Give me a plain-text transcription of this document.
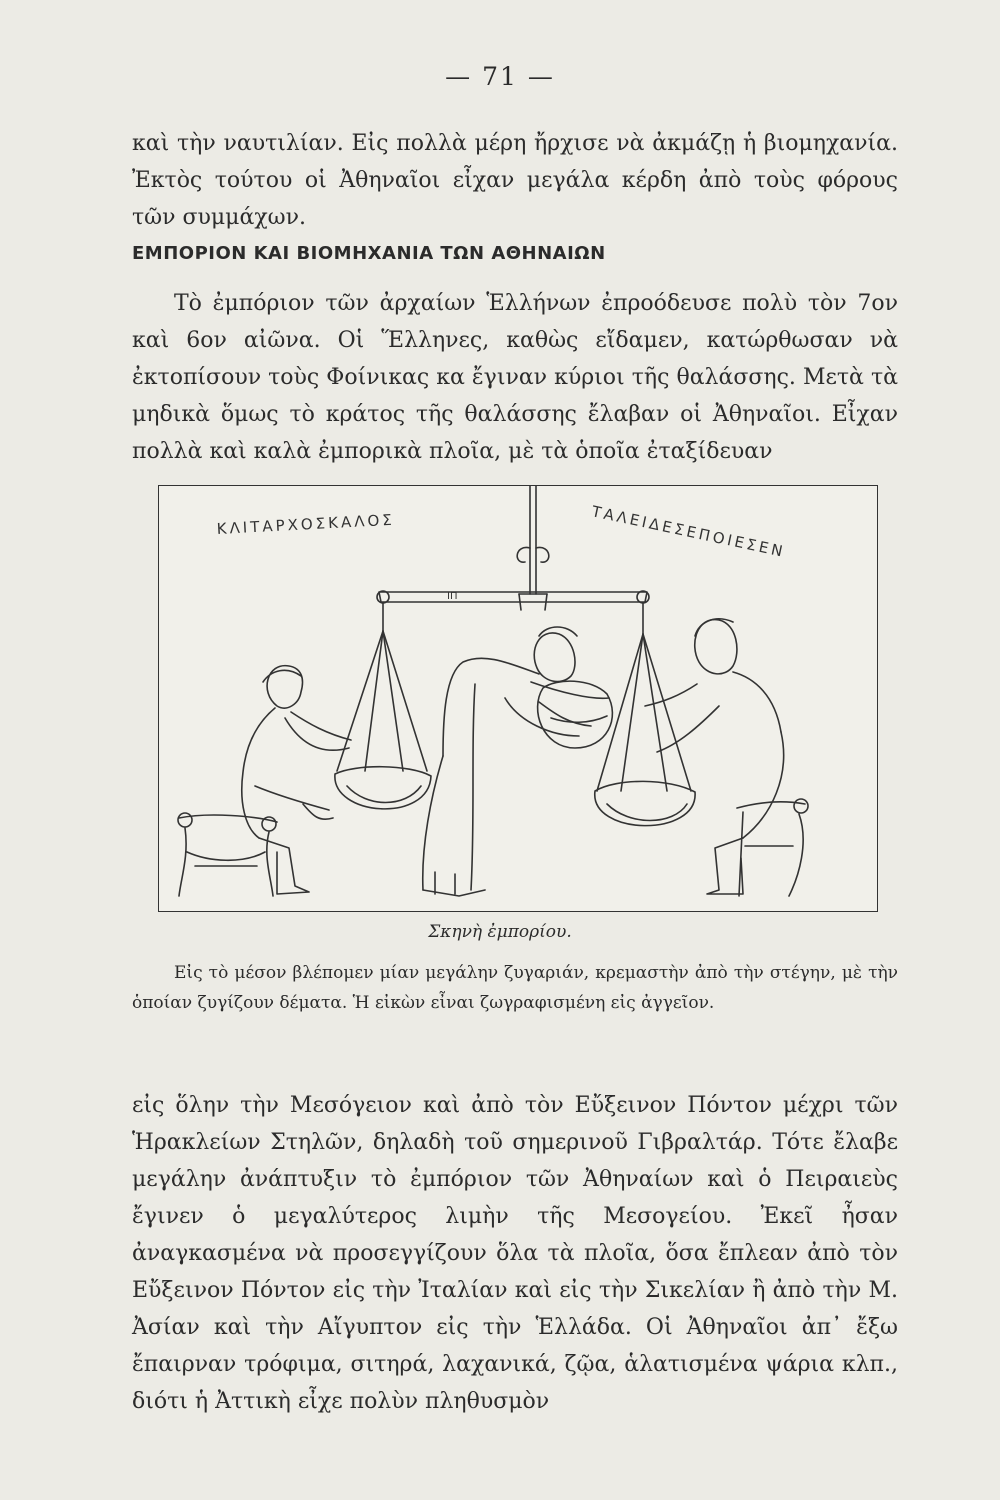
— 71 —

καὶ τὴν ναυτιλίαν. Εἰς πολλὰ μέρη ἤρχισε νὰ ἀκμάζῃ ἡ βιομηχανία. Ἐκτὸς τούτου οἱ Ἀθηναῖοι εἶχαν μεγάλα κέρδη ἀπὸ τοὺς φόρους τῶν συμμάχων.

ΕΜΠΟΡΙΟΝ ΚΑΙ ΒΙΟΜΗΧΑΝΙΑ ΤΩΝ ΑΘΗΝΑΙΩΝ

Τὸ ἐμπόριον τῶν ἀρχαίων Ἑλλήνων ἐπροόδευσε πολὺ τὸν 7ον καὶ 6ον αἰῶνα. Οἱ Ἕλληνες, καθὼς εἴδαμεν, κατώρθωσαν νὰ ἐκτοπίσουν τοὺς Φοίνικας κα ἔγιναν κύριοι τῆς θαλάσσης. Μετὰ τὰ μηδικὰ ὅμως τὸ κράτος τῆς θαλάσσης ἔλαβαν οἱ Ἀθηναῖοι. Εἶχαν πολλὰ καὶ καλὰ ἐμπορικὰ πλοῖα, μὲ τὰ ὁποῖα ἐταξίδευαν

ΚΛΙΤΑΡΧΟΣΚΑΛΟΣ	ΤΑΛΕΙΔΕΣΕΠΟΙΕΣΕΝ
ΙΠ
Σκηνὴ ἐμπορίου.

Εἰς τὸ μέσον βλέπομεν μίαν μεγάλην ζυγαριάν, κρεμαστὴν ἀπὸ τὴν στέγην, μὲ τὴν ὁποίαν ζυγίζουν δέματα. Ἡ εἰκὼν εἶναι ζωγραφισμένη εἰς ἀγγεῖον.

εἰς ὅλην τὴν Μεσόγειον καὶ ἀπὸ τὸν Εὔξεινον Πόντον μέχρι τῶν Ἡρακλείων Στηλῶν, δηλαδὴ τοῦ σημερινοῦ Γιβραλτάρ. Τότε ἔλαβε μεγάλην ἀνάπτυξιν τὸ ἐμπόριον τῶν Ἀθηναίων καὶ ὁ Πειραιεὺς ἔγινεν ὁ μεγαλύτερος λιμὴν τῆς Μεσογείου. Ἐκεῖ ἦσαν ἀναγκασμένα νὰ προσεγγίζουν ὅλα τὰ πλοῖα, ὅσα ἔπλεαν ἀπὸ τὸν Εὔξεινον Πόντον εἰς τὴν Ἰταλίαν καὶ εἰς τὴν Σικελίαν ἢ ἀπὸ τὴν Μ. Ἀσίαν καὶ τὴν Αἴγυπτον εἰς τὴν Ἑλλάδα. Οἱ Ἀθηναῖοι ἀπ᾿ ἔξω ἔπαιρναν τρόφιμα, σιτηρά, λαχανικά, ζῷα, ἁλατισμένα ψάρια κλπ., διότι ἡ Ἀττικὴ εἶχε πολὺν πληθυσμὸν
